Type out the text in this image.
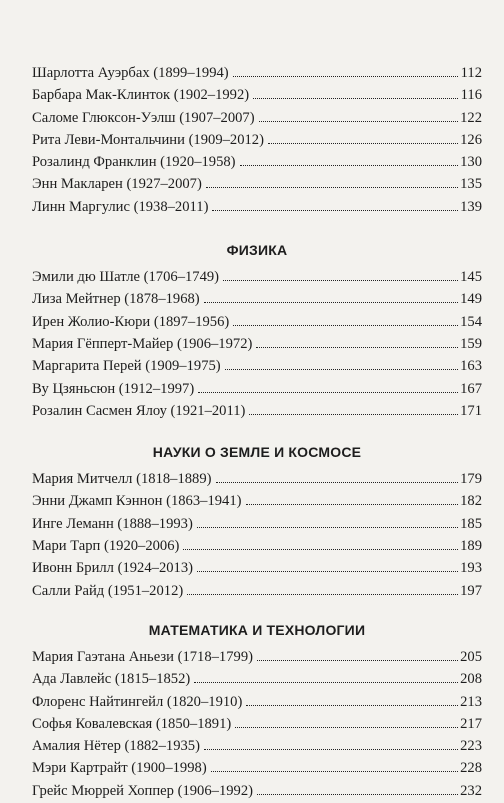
Шарлотта Ауэрбах (1899–1994)	112
Барбара Мак-Клинток (1902–1992)	116
Саломе Глюксон-Уэлш (1907–2007)	122
Рита Леви-Монтальчини (1909–2012)	126
Розалинд Франклин (1920–1958)	130
Энн Макларен (1927–2007)	135
Линн Маргулис (1938–2011)	139
ФИЗИКА
Эмили дю Шатле (1706–1749)	145
Лиза Мейтнер (1878–1968)	149
Ирен Жолио-Кюри (1897–1956)	154
Мария Гёпперт-Майер (1906–1972)	159
Маргарита Перей (1909–1975)	163
Ву Цзяньсюн (1912–1997)	167
Розалин Сасмен Ялоу (1921–2011)	171
НАУКИ О ЗЕМЛЕ И КОСМОСЕ
Мария Митчелл (1818–1889)	179
Энни Джамп Кэннон (1863–1941)	182
Инге Леманн (1888–1993)	185
Мари Тарп (1920–2006)	189
Ивонн Брилл (1924–2013)	193
Салли Райд (1951–2012)	197
МАТЕМАТИКА И ТЕХНОЛОГИИ
Мария Гаэтана Аньези (1718–1799)	205
Ада Лавлейс (1815–1852)	208
Флоренс Найтингейл (1820–1910)	213
Софья Ковалевская (1850–1891)	217
Амалия Нётер (1882–1935)	223
Мэри Картрайт (1900–1998)	228
Грейс Мюррей Хоппер (1906–1992)	232
